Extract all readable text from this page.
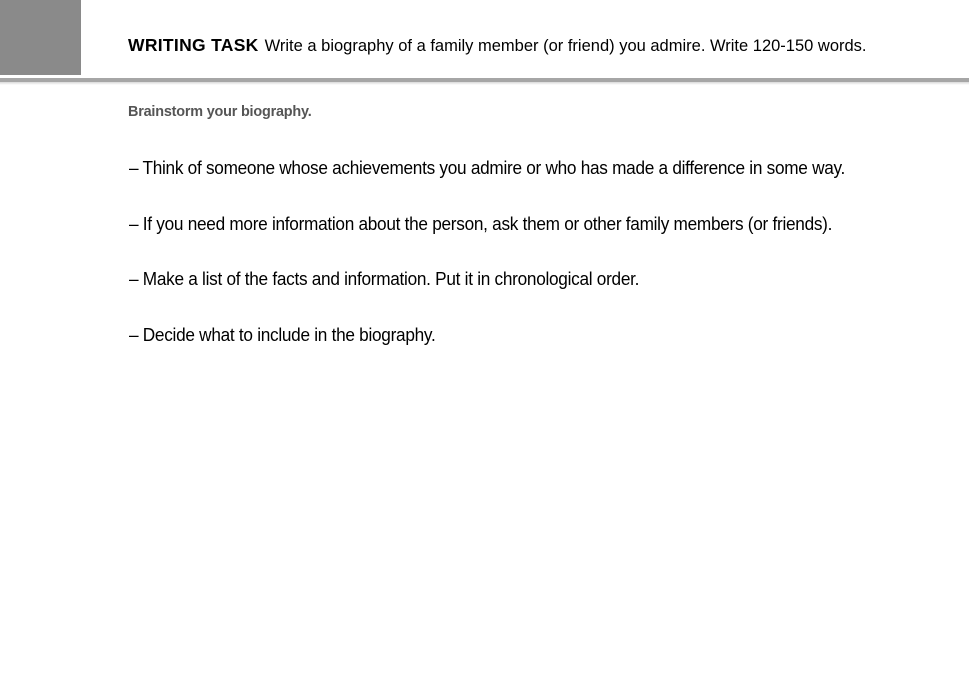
WRITING TASK Write a biography of a family member (or friend) you admire. Write 120-150 words.
Brainstorm your biography.
– Think of someone whose achievements you admire or who has made a difference in some way.
– If you need more information about the person, ask them or other family members (or friends).
– Make a list of the facts and information. Put it in chronological order.
– Decide what to include in the biography.
